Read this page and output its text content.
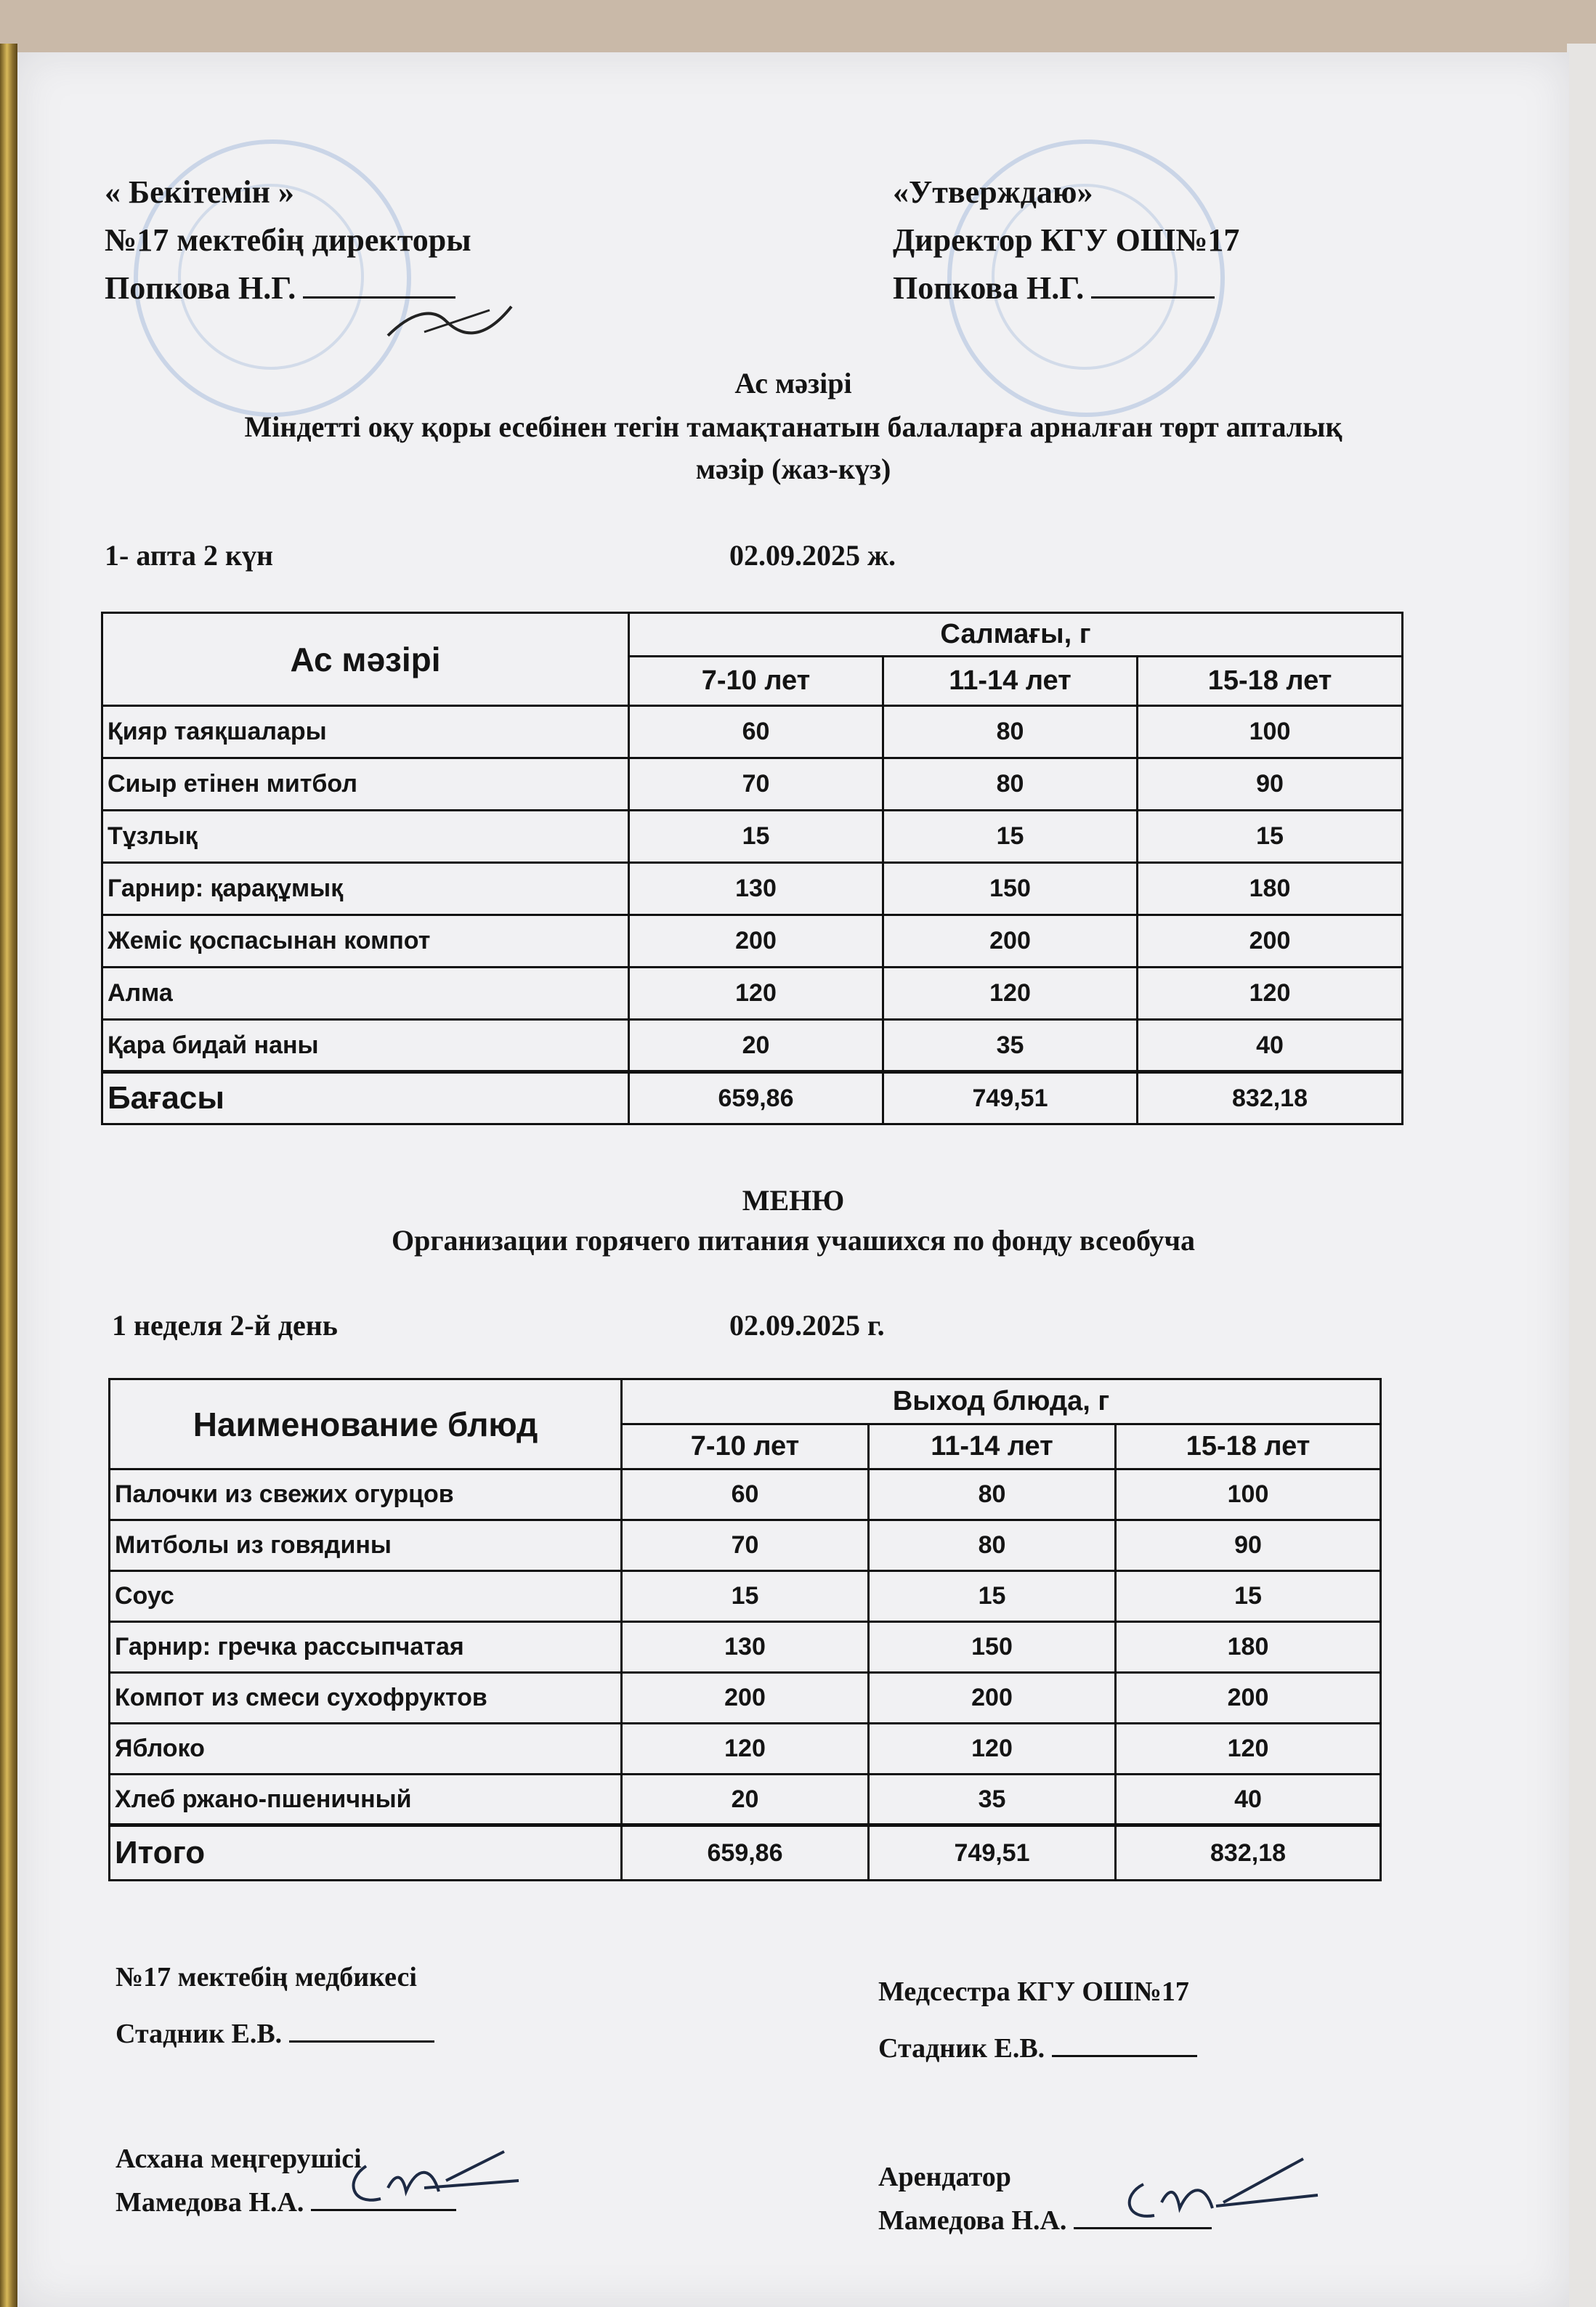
« Бекітемін »
№17 мектебің директоры
Попкова Н.Г.
«Утверждаю»
Директор КГУ ОШ№17
Попкова Н.Г.
Ас мәзірі
Міндетті оқу қоры есебінен тегін тамақтанатын балаларға арналған төрт апталық
мәзір (жаз-күз)
1- апта 2 күн	02.09.2025 ж.
Ас мәзірі	Салмағы, г		
	7-10 лет	11-14 лет	15-18 лет
Қияр таяқшалары	60	80	100
Сиыр етінен митбол	70	80	90
Тұзлық	15	15	15
Гарнир: қарақұмық	130	150	180
Жеміс қоспасынан компот	200	200	200
Алма	120	120	120
Қара бидай наны	20	35	40
Бағасы	659,86	749,51	832,18
МЕНЮ
Организации горячего питания учашихся по фонду всеобуча
1 неделя 2-й день	02.09.2025 г.
Наименование блюд	Выход блюда, г		
	7-10 лет	11-14 лет	15-18 лет
Палочки из свежих огурцов	60	80	100
Митболы из говядины	70	80	90
Соус	15	15	15
Гарнир: гречка рассыпчатая	130	150	180
Компот из смеси сухофруктов	200	200	200
Яблоко	120	120	120
Хлеб ржано-пшеничный	20	35	40
Итого	659,86	749,51	832,18
№17 мектебің медбикесі
Стадник Е.В.
Медсестра КГУ ОШ№17
Стадник Е.В.
Асхана меңгерушісі
Мамедова Н.А.
Арендатор
Мамедова Н.А.
